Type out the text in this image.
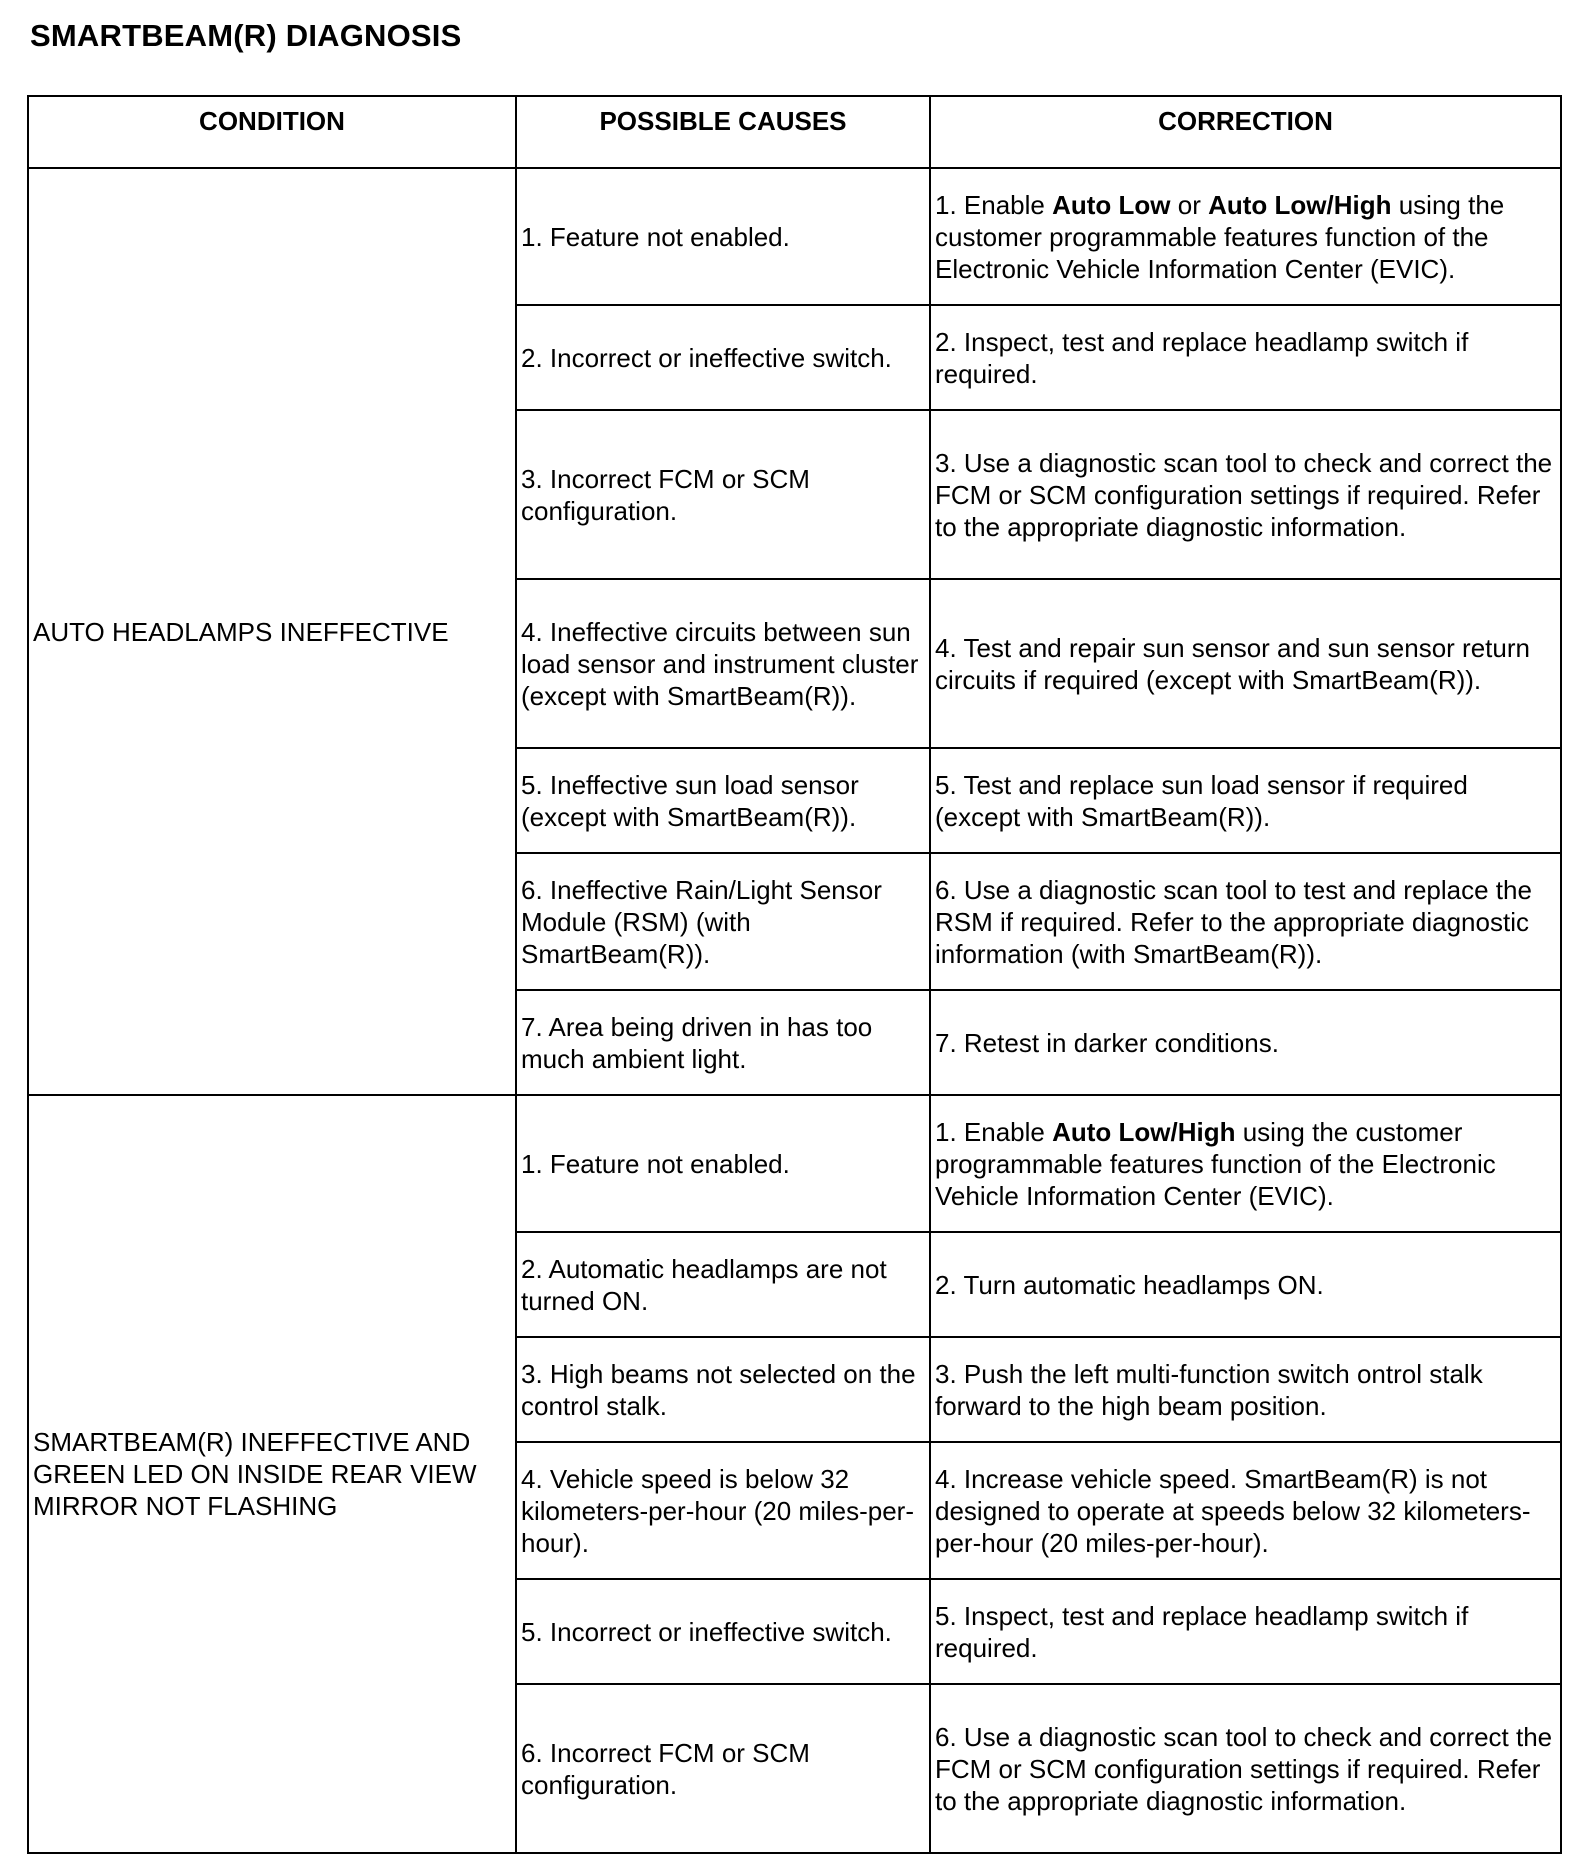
SMARTBEAM(R) DIAGNOSIS
CONDITION	POSSIBLE CAUSES	CORRECTION
AUTO HEADLAMPS INEFFECTIVE	1. Feature not enabled.	1. Enable Auto Low or Auto Low/High using the customer programmable features function of the Electronic Vehicle Information Center (EVIC).
	2. Incorrect or ineffective switch.	2. Inspect, test and replace headlamp switch if required.
	3. Incorrect FCM or SCM configuration.	3. Use a diagnostic scan tool to check and correct the FCM or SCM configuration settings if required. Refer to the appropriate diagnostic information.
	4. Ineffective circuits between sun load sensor and instrument cluster (except with SmartBeam(R)).	4. Test and repair sun sensor and sun sensor return circuits if required (except with SmartBeam(R)).
	5. Ineffective sun load sensor (except with SmartBeam(R)).	5. Test and replace sun load sensor if required (except with SmartBeam(R)).
	6. Ineffective Rain/Light Sensor Module (RSM) (with SmartBeam(R)).	6. Use a diagnostic scan tool to test and replace the RSM if required. Refer to the appropriate diagnostic information (with SmartBeam(R)).
	7. Area being driven in has too much ambient light.	7. Retest in darker conditions.
SMARTBEAM(R) INEFFECTIVE AND GREEN LED ON INSIDE REAR VIEW MIRROR NOT FLASHING	1. Feature not enabled.	1. Enable Auto Low/High using the customer programmable features function of the Electronic Vehicle Information Center (EVIC).
	2. Automatic headlamps are not turned ON.	2. Turn automatic headlamps ON.
	3. High beams not selected on the control stalk.	3. Push the left multi-function switch ontrol stalk forward to the high beam position.
	4. Vehicle speed is below 32 kilometers-per-hour (20 miles-per-hour).	4. Increase vehicle speed. SmartBeam(R) is not designed to operate at speeds below 32 kilometers-per-hour (20 miles-per-hour).
	5. Incorrect or ineffective switch.	5. Inspect, test and replace headlamp switch if required.
	6. Incorrect FCM or SCM configuration.	6. Use a diagnostic scan tool to check and correct the FCM or SCM configuration settings if required. Refer to the appropriate diagnostic information.
